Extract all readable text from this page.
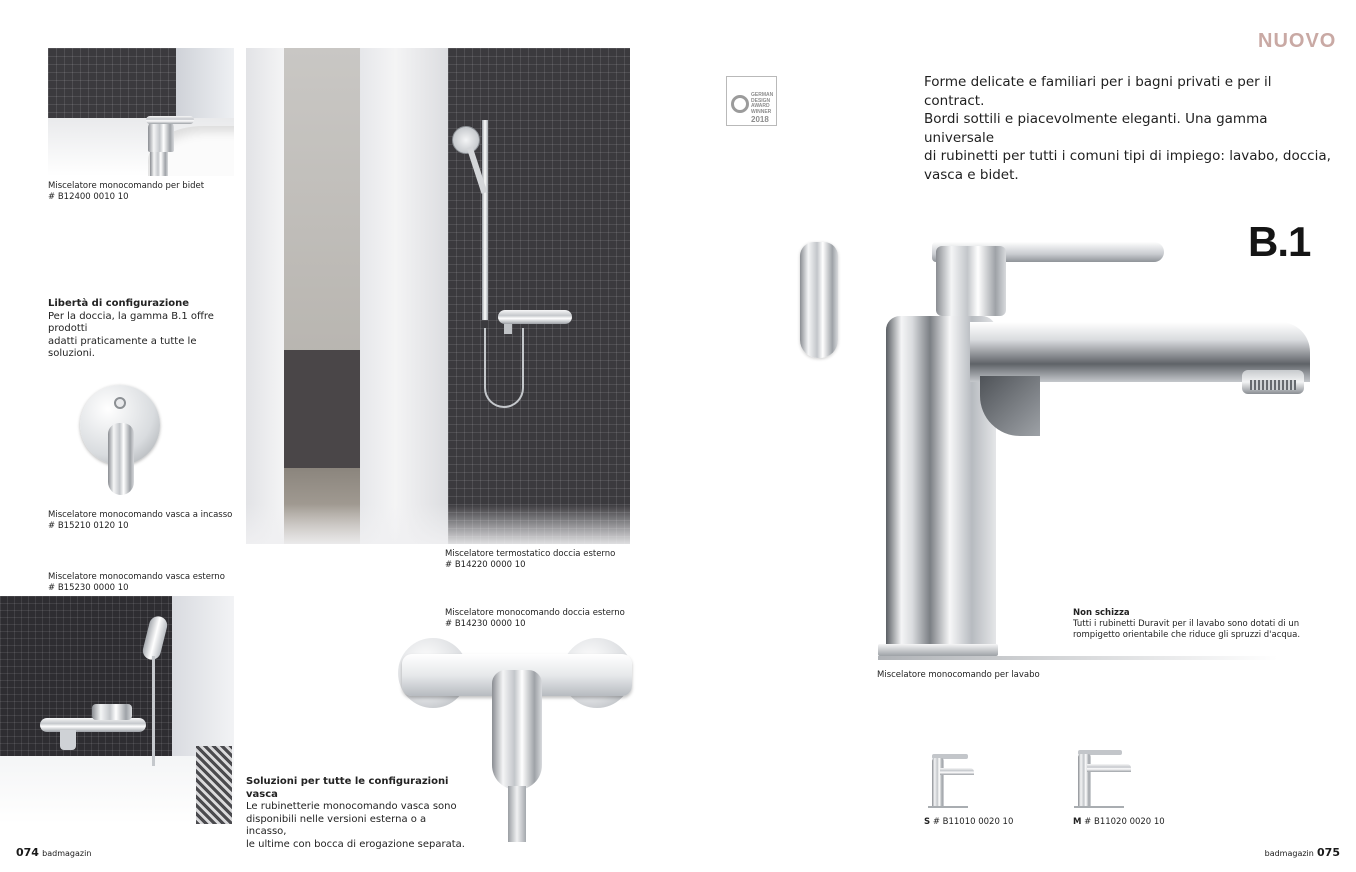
Miscelatore monocomando per bidet
# B12400 0010 10
Libertà di configurazione
Per la doccia, la gamma B.1 offre prodotti
adatti praticamente a tutte le soluzioni.
Miscelatore monocomando vasca a incasso
# B15210 0120 10
Miscelatore monocomando vasca esterno
# B15230 0000 10
Miscelatore termostatico doccia esterno
# B14220 0000 10
Miscelatore monocomando doccia esterno
# B14230 0000 10
Soluzioni per tutte le configurazioni vasca
Le rubinetterie monocomando vasca sono
disponibili nelle versioni esterna o a incasso,
le ultime con bocca di erogazione separata.
074 badmagazin
NUOVO
GERMAN
DESIGN
AWARD
WINNER
2018
Forme delicate e familiari per i bagni privati e per il contract.
Bordi sottili e piacevolmente eleganti. Una gamma universale
di rubinetti per tutti i comuni tipi di impiego: lavabo, doccia,
vasca e bidet.
B.1
Non schizza
Tutti i rubinetti Duravit per il lavabo sono dotati di un
rompigetto orientabile che riduce gli spruzzi d'acqua.
Miscelatore monocomando per lavabo
S # B11010 0020 10	M # B11020 0020 10
badmagazin 075
